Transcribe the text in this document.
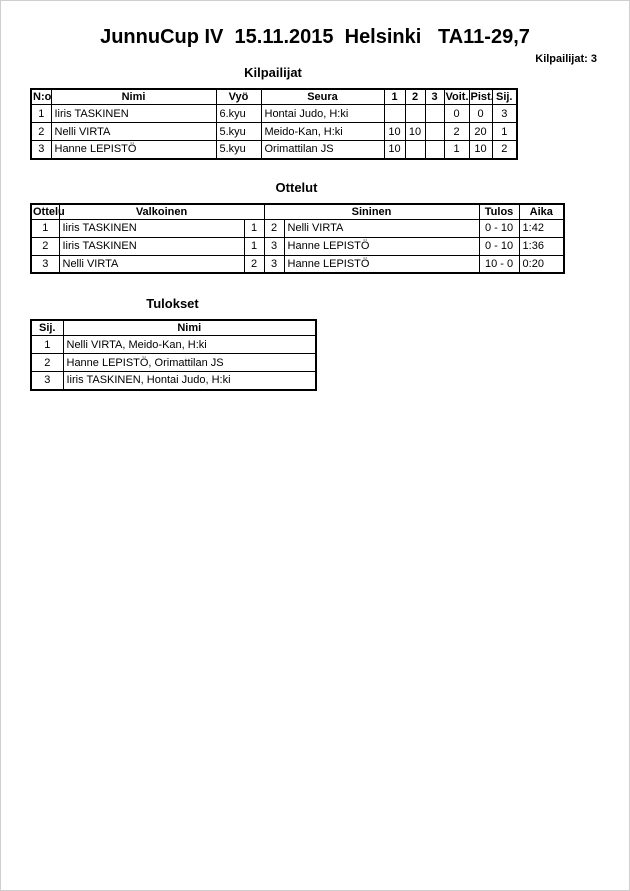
JunnuCup IV  15.11.2015  Helsinki   TA11-29,7
Kilpailijat: 3
Kilpailijat
N:o	Nimi	Vyö	Seura	1	2	3	Voit.	Pist.	Sij.
1	Iiris TASKINEN	6.kyu	Hontai Judo, H:ki				0	0	3
2	Nelli VIRTA	5.kyu	Meido-Kan, H:ki	10	10		2	20	1
3	Hanne LEPISTÖ	5.kyu	Orimattilan JS	10			1	10	2
Ottelut
Ottelu	Valkoinen		Sininen		Tulos	Aika
1	Iiris TASKINEN	1	2	Nelli VIRTA	0 - 10	1:42
2	Iiris TASKINEN	1	3	Hanne LEPISTÖ	0 - 10	1:36
3	Nelli VIRTA	2	3	Hanne LEPISTÖ	10 - 0	0:20
Tulokset
Sij.	Nimi
1	Nelli VIRTA, Meido-Kan, H:ki
2	Hanne LEPISTÖ, Orimattilan JS
3	Iiris TASKINEN, Hontai Judo, H:ki
